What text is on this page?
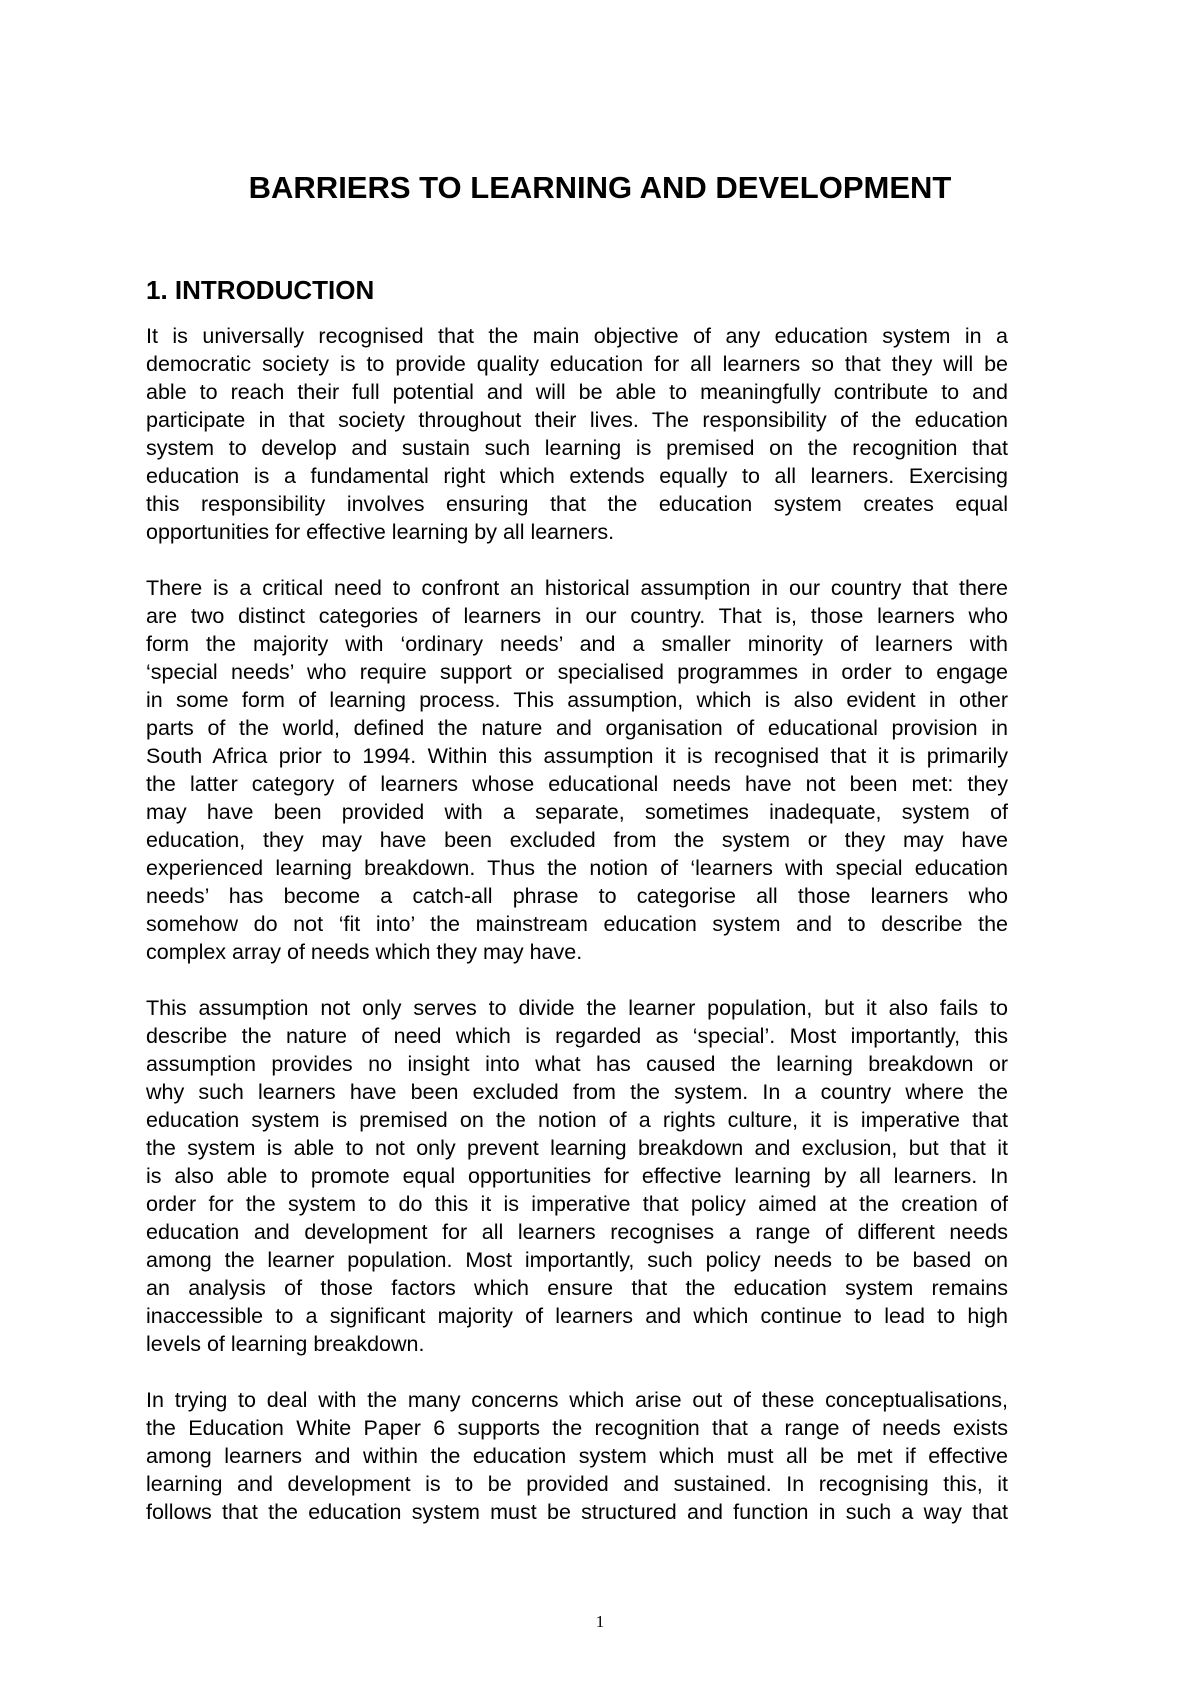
BARRIERS TO LEARNING AND DEVELOPMENT
1. INTRODUCTION

It is universally recognised that the main objective of any education system in a
democratic society is to provide quality education for all learners so that they will be
able to reach their full potential and will be able to meaningfully contribute to and
participate in that society throughout their lives. The responsibility of the education
system to develop and sustain such learning is premised on the recognition that
education is a fundamental right which extends equally to all learners. Exercising
this responsibility involves ensuring that the education system creates equal
opportunities for effective learning by all learners.

There is a critical need to confront an historical assumption in our country that there
are two distinct categories of learners in our country. That is, those learners who
form the majority with ‘ordinary needs’ and a smaller minority of learners with
‘special needs’ who require support or specialised programmes in order to engage
in some form of learning process. This assumption, which is also evident in other
parts of the world, defined the nature and organisation of educational provision in
South Africa prior to 1994. Within this assumption it is recognised that it is primarily
the latter category of learners whose educational needs have not been met: they
may have been provided with a separate, sometimes inadequate, system of
education, they may have been excluded from the system or they may have
experienced learning breakdown. Thus the notion of ‘learners with special education
needs’ has become a catch-all phrase to categorise all those learners who
somehow do not ‘fit into’ the mainstream education system and to describe the
complex array of needs which they may have.

This assumption not only serves to divide the learner population, but it also fails to
describe the nature of need which is regarded as ‘special’. Most importantly, this
assumption provides no insight into what has caused the learning breakdown or
why such learners have been excluded from the system. In a country where the
education system is premised on the notion of a rights culture, it is imperative that
the system is able to not only prevent learning breakdown and exclusion, but that it
is also able to promote equal opportunities for effective learning by all learners. In
order for the system to do this it is imperative that policy aimed at the creation of
education and development for all learners recognises a range of different needs
among the learner population. Most importantly, such policy needs to be based on
an analysis of those factors which ensure that the education system remains
inaccessible to a significant majority of learners and which continue to lead to high
levels of learning breakdown.

In trying to deal with the many concerns which arise out of these conceptualisations,
the Education White Paper 6 supports the recognition that a range of needs exists
among learners and within the education system which must all be met if effective
learning and development is to be provided and sustained. In recognising this, it
follows that the education system must be structured and function in such a way that

1
